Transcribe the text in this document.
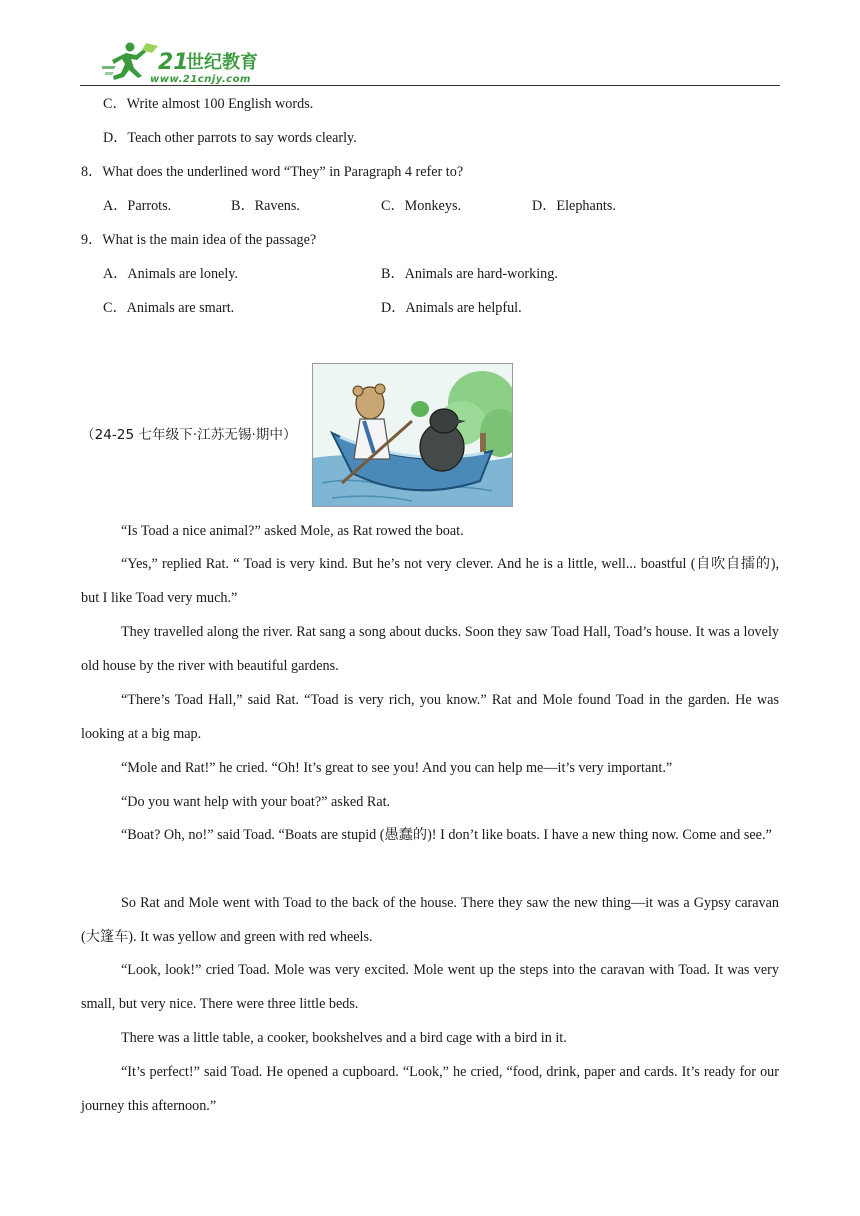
21
世纪教育
www.21cnjy.com
C．Write almost 100 English words.
D．Teach other parrots to say words clearly.
8．What does the underlined word “They” in Paragraph 4 refer to?
A．Parrots.	B．Ravens.	C．Monkeys.	D．Elephants.
9．What is the main idea of the passage?
A．Animals are lonely.	B．Animals are hard-working.
C．Animals are smart.	D．Animals are helpful.
（24-25 七年级下·江苏无锡·期中）

“Is Toad a nice animal?” asked Mole, as Rat rowed the boat.

“Yes,” replied Rat. “ Toad is very kind. But he’s not very clever. And he is a little, well... boastful (自吹自擂的), but I like Toad very much.”

They travelled along the river. Rat sang a song about ducks. Soon they saw Toad Hall, Toad’s house. It was a lovely old house by the river with beautiful gardens.

“There’s Toad Hall,” said Rat. “Toad is very rich, you know.” Rat and Mole found Toad in the garden. He was looking at a big map.

“Mole and Rat!” he cried. “Oh! It’s great to see you! And you can help me—it’s very important.”

“Do you want help with your boat?” asked Rat.

“Boat? Oh, no!” said Toad. “Boats are stupid (愚蠢的)! I don’t like boats. I have a new thing now. Come and see.”

So Rat and Mole went with Toad to the back of the house. There they saw the new thing—it was a Gypsy caravan (大篷车). It was yellow and green with red wheels.

“Look, look!” cried Toad. Mole was very excited. Mole went up the steps into the caravan with Toad. It was very small, but very nice. There were three little beds.

There was a little table, a cooker, bookshelves and a bird cage with a bird in it.

“It’s perfect!” said Toad. He opened a cupboard. “Look,” he cried, “food, drink, paper and cards. It’s ready for our journey this afternoon.”
